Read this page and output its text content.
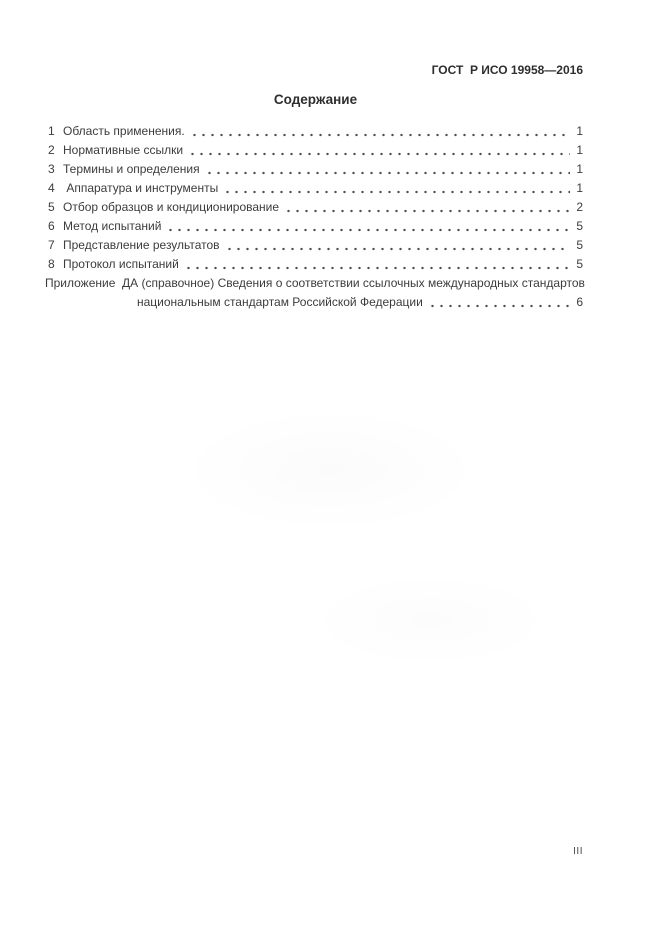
ГОСТ  Р ИСО 19958—2016
Содержание
1 Область применения.	1
2 Нормативные ссылки	1
3 Термины и определения	1
4 Аппаратура и инструменты	1
5 Отбор образцов и кондиционирование	2
6 Метод испытаний	5
7 Представление результатов	5
8 Протокол испытаний	5
Приложение  ДА (справочное) Сведения о соответствии ссылочных международных стандартов
национальным стандартам Российской Федерации	6
III
